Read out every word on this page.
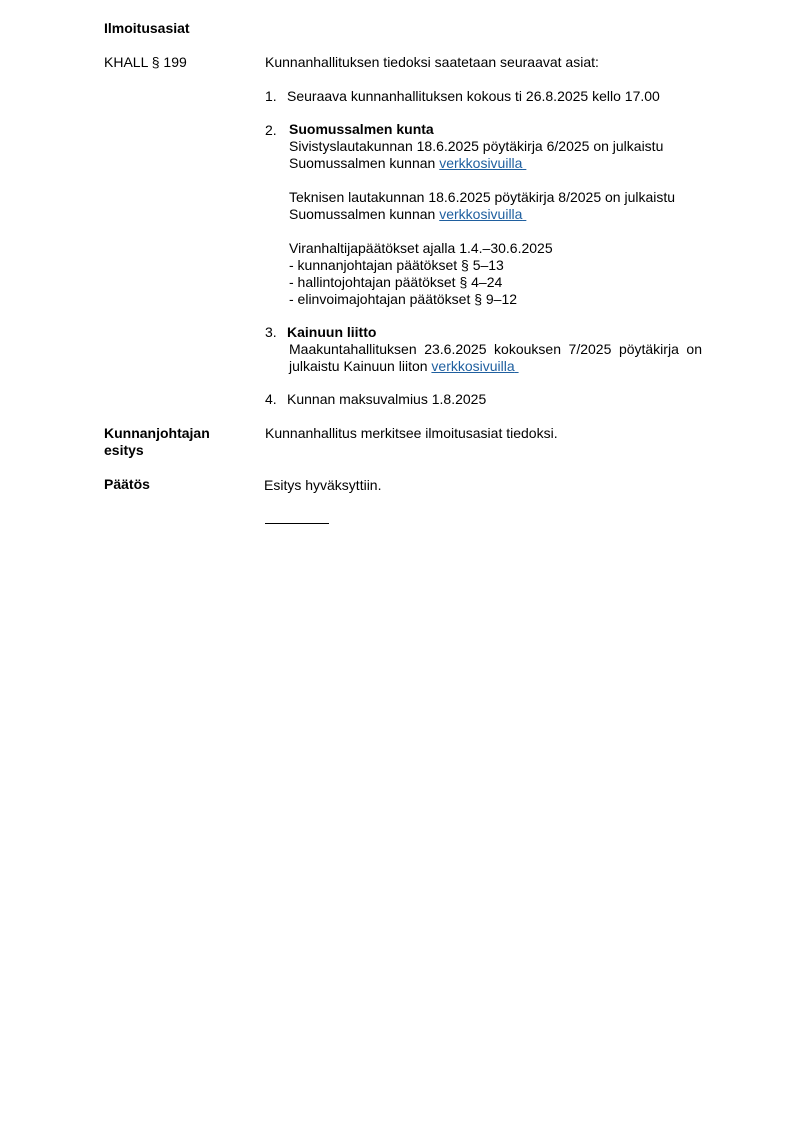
Ilmoitusasiat
KHALL § 199	Kunnanhallituksen tiedoksi saatetaan seuraavat asiat:
1. Seuraava kunnanhallituksen kokous ti 26.8.2025 kello 17.00
2. Suomussalmen kunta
Sivistyslautakunnan 18.6.2025 pöytäkirja 6/2025 on julkaistu
Suomussalmen kunnan verkkosivuilla
Teknisen lautakunnan 18.6.2025 pöytäkirja 8/2025 on julkaistu
Suomussalmen kunnan verkkosivuilla
Viranhaltijapäätökset ajalla 1.4.–30.6.2025
- kunnanjohtajan päätökset § 5–13
- hallintojohtajan päätökset § 4–24
- elinvoimajohtajan päätökset § 9–12
3. Kainuun liitto
Maakuntahallituksen 23.6.2025 kokouksen 7/2025 pöytäkirja on
julkaistu Kainuun liiton verkkosivuilla
4. Kunnan maksuvalmius 1.8.2025
Kunnanjohtajan
esitys
Kunnanhallitus merkitsee ilmoitusasiat tiedoksi.
Päätös	Esitys hyväksyttiin.
